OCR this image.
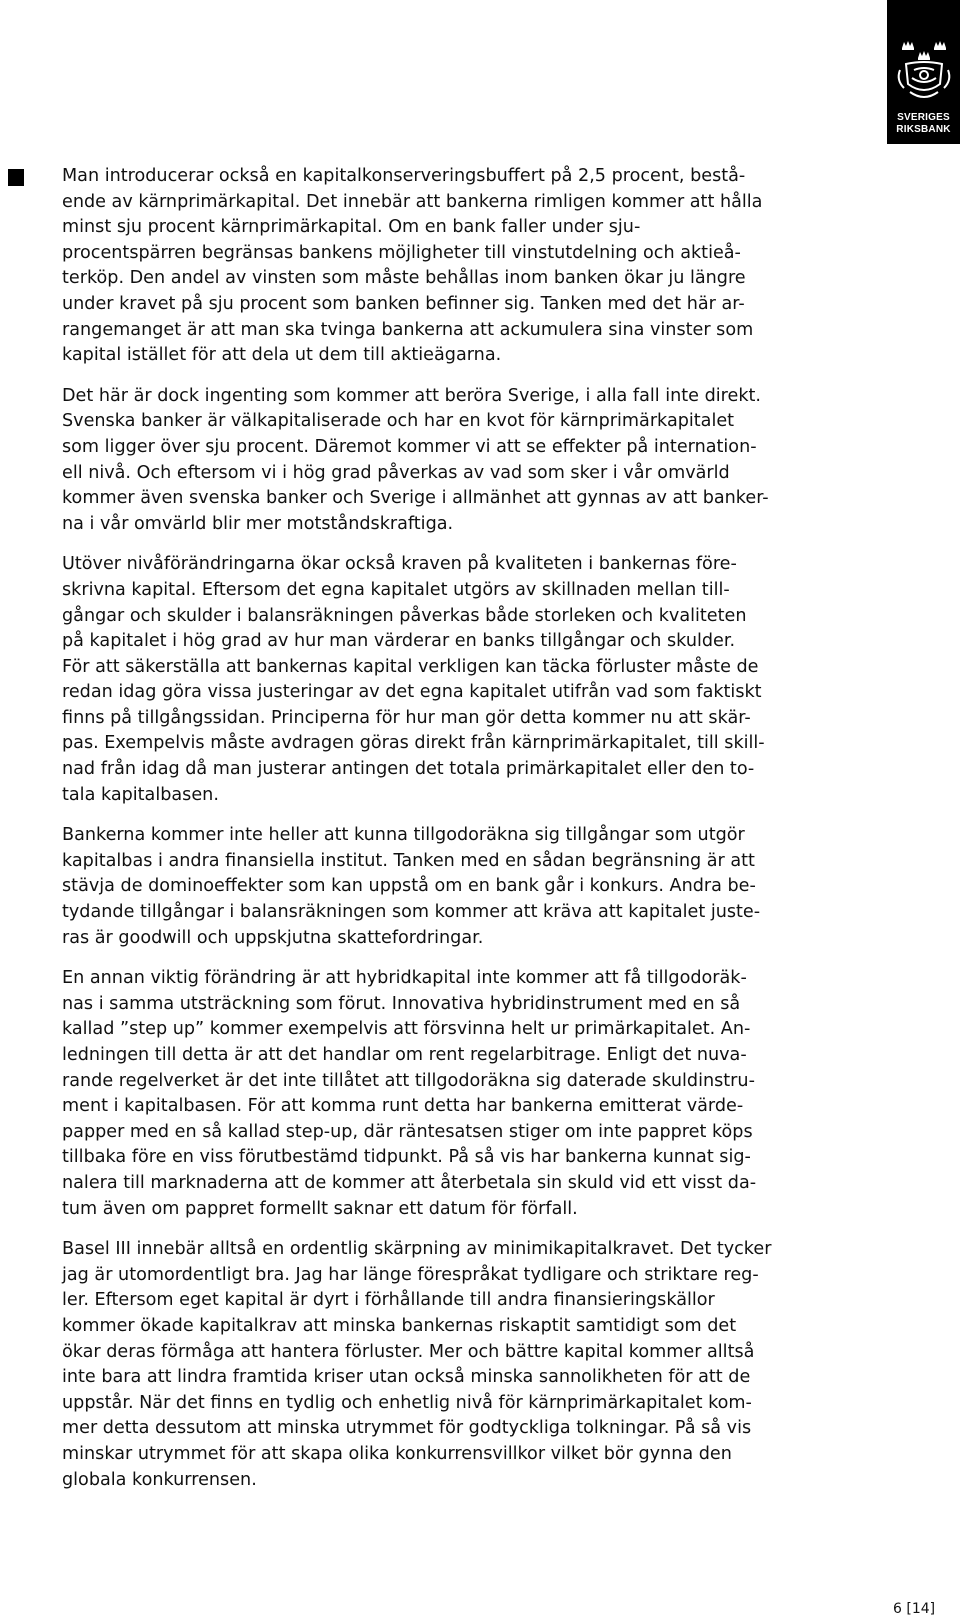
SVERIGES
RIKSBANK

Man introducerar också en kapitalkonserveringsbuffert på 2,5 procent, bestå-
ende av kärnprimärkapital. Det innebär att bankerna rimligen kommer att hålla
minst sju procent kärnprimärkapital. Om en bank faller under sju-
procentspärren begränsas bankens möjligheter till vinstutdelning och aktieå-
terköp. Den andel av vinsten som måste behållas inom banken ökar ju längre
under kravet på sju procent som banken befinner sig. Tanken med det här ar-
rangemanget är att man ska tvinga bankerna att ackumulera sina vinster som
kapital istället för att dela ut dem till aktieägarna.

Det här är dock ingenting som kommer att beröra Sverige, i alla fall inte direkt.
Svenska banker är välkapitaliserade och har en kvot för kärnprimärkapitalet
som ligger över sju procent. Däremot kommer vi att se effekter på internation-
ell nivå. Och eftersom vi i hög grad påverkas av vad som sker i vår omvärld
kommer även svenska banker och Sverige i allmänhet att gynnas av att banker-
na i vår omvärld blir mer motståndskraftiga.

Utöver nivåförändringarna ökar också kraven på kvaliteten i bankernas före-
skrivna kapital. Eftersom det egna kapitalet utgörs av skillnaden mellan till-
gångar och skulder i balansräkningen påverkas både storleken och kvaliteten
på kapitalet i hög grad av hur man värderar en banks tillgångar och skulder.
För att säkerställa att bankernas kapital verkligen kan täcka förluster måste de
redan idag göra vissa justeringar av det egna kapitalet utifrån vad som faktiskt
finns på tillgångssidan. Principerna för hur man gör detta kommer nu att skär-
pas. Exempelvis måste avdragen göras direkt från kärnprimärkapitalet, till skill-
nad från idag då man justerar antingen det totala primärkapitalet eller den to-
tala kapitalbasen.

Bankerna kommer inte heller att kunna tillgodoräkna sig tillgångar som utgör
kapitalbas i andra finansiella institut. Tanken med en sådan begränsning är att
stävja de dominoeffekter som kan uppstå om en bank går i konkurs. Andra be-
tydande tillgångar i balansräkningen som kommer att kräva att kapitalet juste-
ras är goodwill och uppskjutna skattefordringar.

En annan viktig förändring är att hybridkapital inte kommer att få tillgodoräk-
nas i samma utsträckning som förut. Innovativa hybridinstrument med en så
kallad ”step up” kommer exempelvis att försvinna helt ur primärkapitalet. An-
ledningen till detta är att det handlar om rent regelarbitrage. Enligt det nuva-
rande regelverket är det inte tillåtet att tillgodoräkna sig daterade skuldinstru-
ment i kapitalbasen. För att komma runt detta har bankerna emitterat värde-
papper med en så kallad step-up, där räntesatsen stiger om inte pappret köps
tillbaka före en viss förutbestämd tidpunkt. På så vis har bankerna kunnat sig-
nalera till marknaderna att de kommer att återbetala sin skuld vid ett visst da-
tum även om pappret formellt saknar ett datum för förfall.

Basel III innebär alltså en ordentlig skärpning av minimikapitalkravet. Det tycker
jag är utomordentligt bra. Jag har länge förespråkat tydligare och striktare reg-
ler. Eftersom eget kapital är dyrt i förhållande till andra finansieringskällor
kommer ökade kapitalkrav att minska bankernas riskaptit samtidigt som det
ökar deras förmåga att hantera förluster. Mer och bättre kapital kommer alltså
inte bara att lindra framtida kriser utan också minska sannolikheten för att de
uppstår. När det finns en tydlig och enhetlig nivå för kärnprimärkapitalet kom-
mer detta dessutom att minska utrymmet för godtyckliga tolkningar. På så vis
minskar utrymmet för att skapa olika konkurrensvillkor vilket bör gynna den
globala konkurrensen.

6 [14]
